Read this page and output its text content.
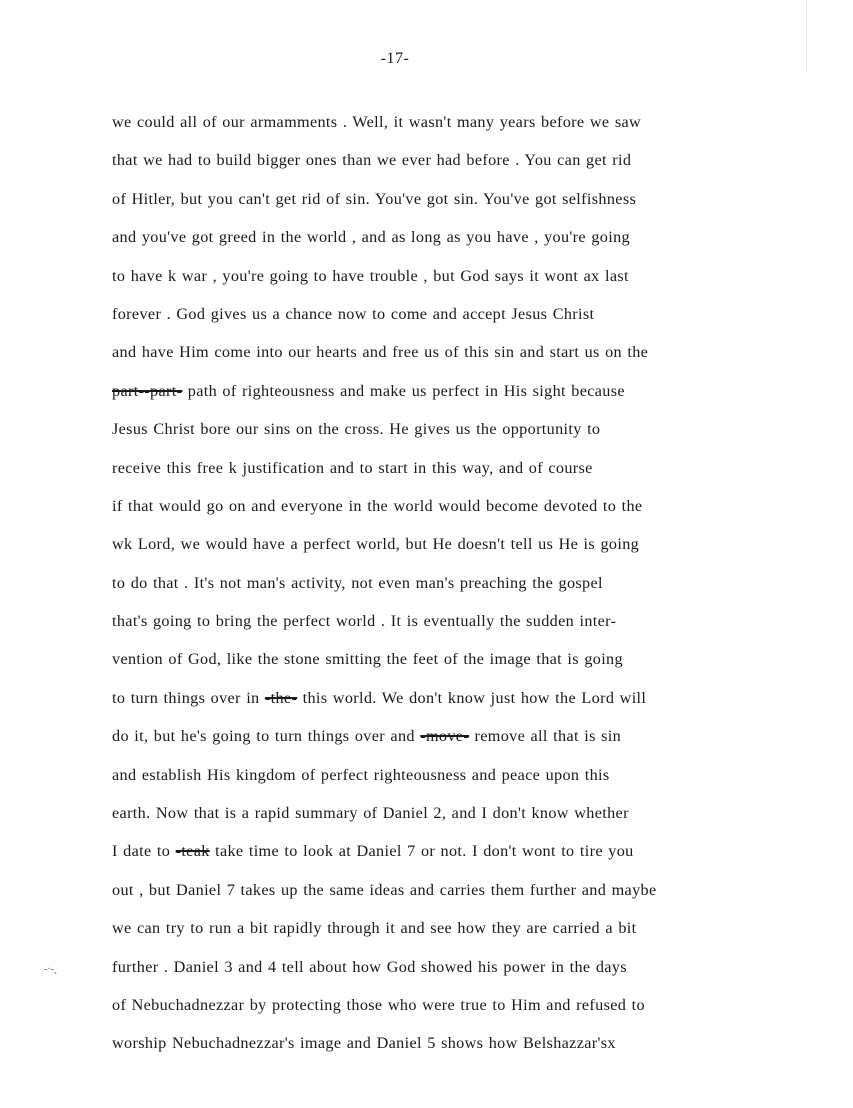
-17-
-·-˛
we could all of our armamments . Well, it wasn't many years before we saw
that we had to build bigger ones than we ever had before . You can get rid
of Hitler, but you can't get rid of sin. You've got sin. You've got selfishness
and you've got greed in the world , and as long as you have , you're going
to have k war , you're going to have trouble , but God says it wont ax last
forever . God gives us a chance now to come and accept Jesus Christ
and have Him come into our hearts and free us of this sin and start us on the
part--part- path of righteousness and make us perfect in His sight because
Jesus Christ bore our sins on the cross. He gives us the opportunity to
receive this free k justification and to start in this way, and of course
if that would go on and everyone in the world would become devoted to the
wk Lord, we would have a perfect world, but He doesn't tell us He is going
to do that . It's not man's activity, not even man's preaching the gospel
that's going to bring the perfect world . It is eventually the sudden inter-
vention of God, like the stone smitting the feet of the image that is going
to turn things over in -the- this world. We don't know just how the Lord will
do it, but he's going to turn things over and -move- remove all that is sin
and establish His kingdom of perfect righteousness and peace upon this
earth. Now that is a rapid summary of Daniel 2, and I don't know whether
I date to -teak take time to look at Daniel 7 or not. I don't wont to tire you
out , but Daniel 7 takes up the same ideas and carries them further and maybe
we can try to run a bit rapidly through it and see how they are carried a bit
further . Daniel 3 and 4 tell about how God showed his power in the days
of Nebuchadnezzar by protecting those who were true to Him and refused to
worship Nebuchadnezzar's image and Daniel 5 shows how Belshazzar'sx
